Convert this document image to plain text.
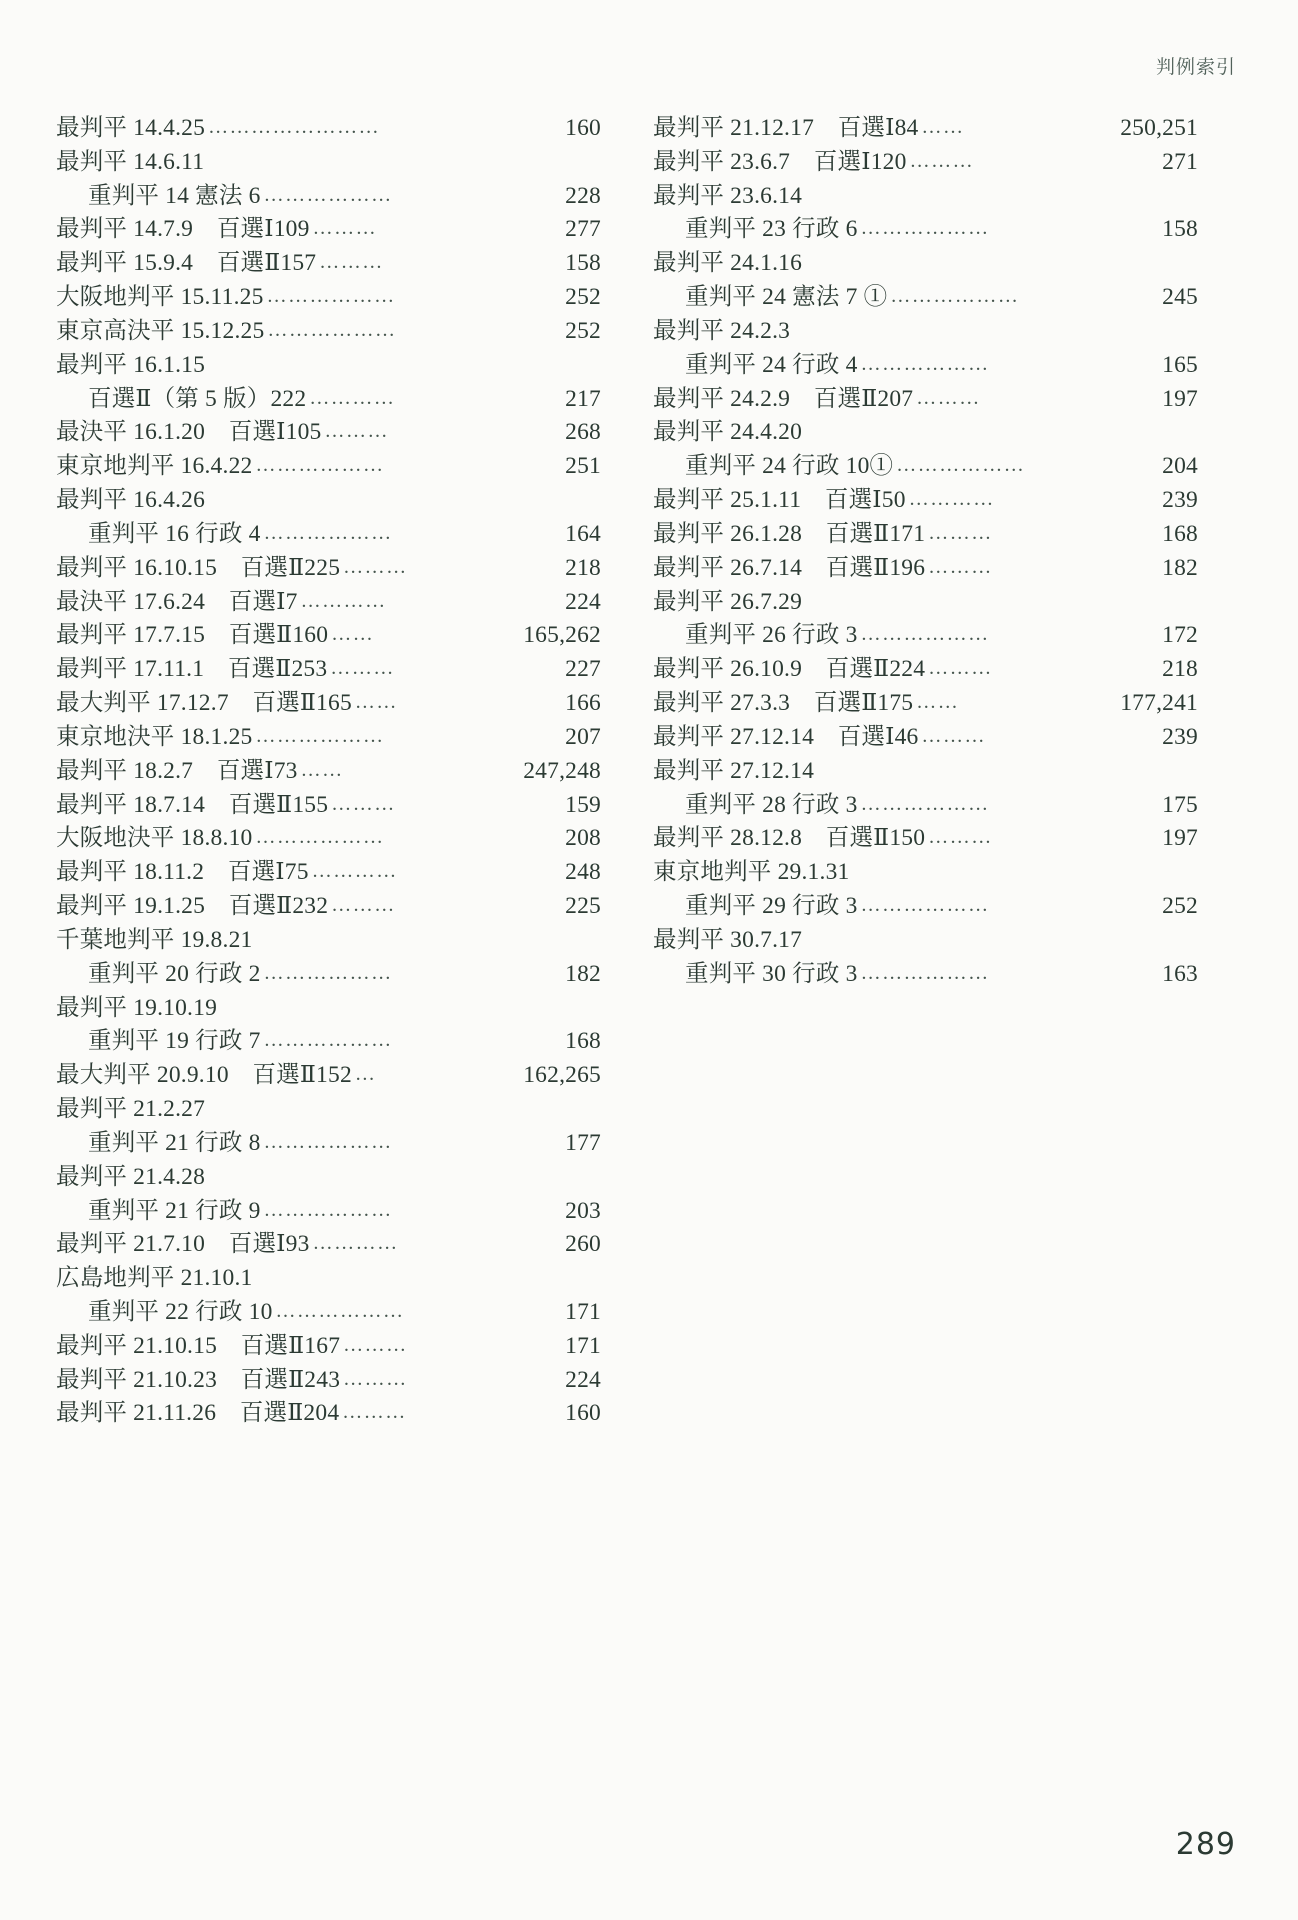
判例索引
最判平 14.4.25 ……………………	160
最判平 14.6.11
重判平 14 憲法 6 ………………	228
最判平 14.7.9　百選Ⅰ109 ………	277
最判平 15.9.4　百選Ⅱ157 ………	158
大阪地判平 15.11.25 ………………	252
東京高決平 15.12.25 ………………	252
最判平 16.1.15
百選Ⅱ（第 5 版）222 …………	217
最決平 16.1.20　百選Ⅰ105 ………	268
東京地判平 16.4.22 ………………	251
最判平 16.4.26
重判平 16 行政 4 ………………	164
最判平 16.10.15　百選Ⅱ225 ………	218
最決平 17.6.24　百選Ⅰ7 …………	224
最判平 17.7.15　百選Ⅱ160 ……	165,262
最判平 17.11.1　百選Ⅱ253 ………	227
最大判平 17.12.7　百選Ⅱ165 ……	166
東京地決平 18.1.25 ………………	207
最判平 18.2.7　百選Ⅰ73 ……	247,248
最判平 18.7.14　百選Ⅱ155 ………	159
大阪地決平 18.8.10 ………………	208
最判平 18.11.2　百選Ⅰ75 …………	248
最判平 19.1.25　百選Ⅱ232 ………	225
千葉地判平 19.8.21
重判平 20 行政 2 ………………	182
最判平 19.10.19
重判平 19 行政 7 ………………	168
最大判平 20.9.10　百選Ⅱ152 …	162,265
最判平 21.2.27
重判平 21 行政 8 ………………	177
最判平 21.4.28
重判平 21 行政 9 ………………	203
最判平 21.7.10　百選Ⅰ93 …………	260
広島地判平 21.10.1
重判平 22 行政 10 ………………	171
最判平 21.10.15　百選Ⅱ167 ………	171
最判平 21.10.23　百選Ⅱ243 ………	224
最判平 21.11.26　百選Ⅱ204 ………	160
最判平 21.12.17　百選Ⅰ84 ……	250,251
最判平 23.6.7　百選Ⅰ120 ………	271
最判平 23.6.14
重判平 23 行政 6 ………………	158
最判平 24.1.16
重判平 24 憲法 7 ① ………………	245
最判平 24.2.3
重判平 24 行政 4 ………………	165
最判平 24.2.9　百選Ⅱ207 ………	197
最判平 24.4.20
重判平 24 行政 10① ………………	204
最判平 25.1.11　百選Ⅰ50 …………	239
最判平 26.1.28　百選Ⅱ171 ………	168
最判平 26.7.14　百選Ⅱ196 ………	182
最判平 26.7.29
重判平 26 行政 3 ………………	172
最判平 26.10.9　百選Ⅱ224 ………	218
最判平 27.3.3　百選Ⅱ175 ……	177,241
最判平 27.12.14　百選Ⅰ46 ………	239
最判平 27.12.14
重判平 28 行政 3 ………………	175
最判平 28.12.8　百選Ⅱ150 ………	197
東京地判平 29.1.31
重判平 29 行政 3 ………………	252
最判平 30.7.17
重判平 30 行政 3 ………………	163
289
